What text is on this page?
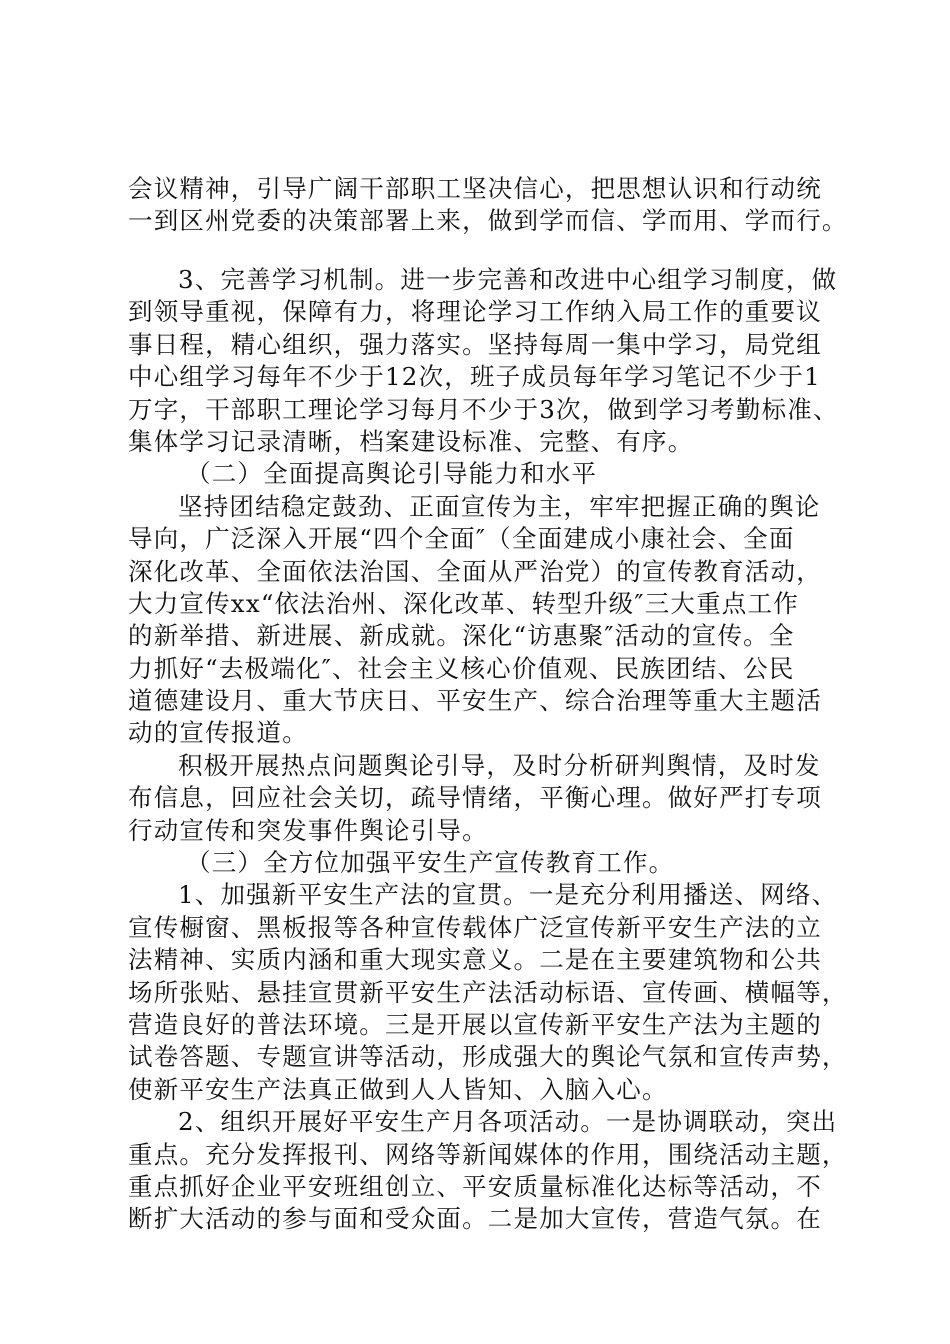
会议精神，引导广阔干部职工坚决信心，把思想认识和行动统
一到区州党委的决策部署上来，做到学而信、学而用、学而行。
3、完善学习机制。进一步完善和改进中心组学习制度，做
到领导重视，保障有力，将理论学习工作纳入局工作的重要议
事日程，精心组织，强力落实。坚持每周一集中学习，局党组
中心组学习每年不少于12次，班子成员每年学习笔记不少于1
万字，干部职工理论学习每月不少于3次，做到学习考勤标准、
集体学习记录清晰，档案建设标准、完整、有序。
（二）全面提高舆论引导能力和水平
坚持团结稳定鼓劲、正面宣传为主，牢牢把握正确的舆论
导向，广泛深入开展“四个全面″（全面建成小康社会、全面
深化改革、全面依法治国、全面从严治党）的宣传教育活动，
大力宣传xx“依法治州、深化改革、转型升级″三大重点工作
的新举措、新进展、新成就。深化“访惠聚″活动的宣传。全
力抓好“去极端化″、社会主义核心价值观、民族团结、公民
道德建设月、重大节庆日、平安生产、综合治理等重大主题活
动的宣传报道。
积极开展热点问题舆论引导，及时分析研判舆情，及时发
布信息，回应社会关切，疏导情绪，平衡心理。做好严打专项
行动宣传和突发事件舆论引导。
（三）全方位加强平安生产宣传教育工作。
1、加强新平安生产法的宣贯。一是充分利用播送、网络、
宣传橱窗、黑板报等各种宣传载体广泛宣传新平安生产法的立
法精神、实质内涵和重大现实意义。二是在主要建筑物和公共
场所张贴、悬挂宣贯新平安生产法活动标语、宣传画、横幅等，
营造良好的普法环境。三是开展以宣传新平安生产法为主题的
试卷答题、专题宣讲等活动，形成强大的舆论气氛和宣传声势，
使新平安生产法真正做到人人皆知、入脑入心。
2、组织开展好平安生产月各项活动。一是协调联动，突出
重点。充分发挥报刊、网络等新闻媒体的作用，围绕活动主题，
重点抓好企业平安班组创立、平安质量标准化达标等活动，不
断扩大活动的参与面和受众面。二是加大宣传，营造气氛。在
